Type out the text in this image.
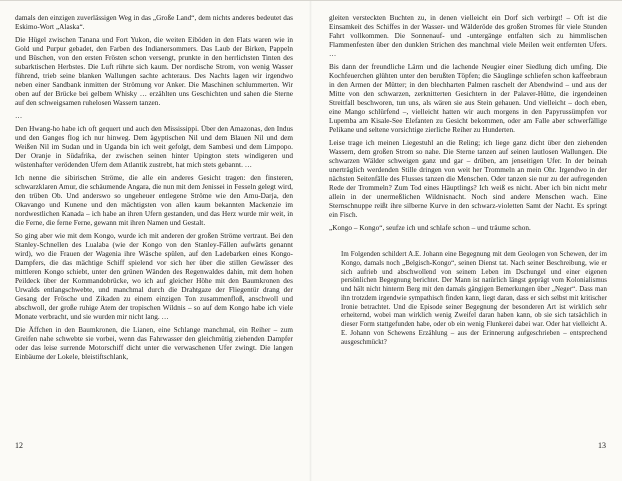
damals den einzigen zuverlässigen Weg in das „Große Land“, dem nichts anderes bedeutet das Eskimo-Wort „Alaska“.

Die Hügel zwischen Tanana und Fort Yukon, die weiten Eiböden in den Flats waren wie in Gold und Purpur gebadet, den Farben des Indianersommers. Das Laub der Birken, Pappeln und Büschen, von den ersten Frösten schon versengt, prunkte in den herrlichsten Tinten des subarktischen Herbstes. Die Luft rührte sich kaum. Der nordische Strom, von wenig Wasser führend, trieb seine blanken Wallungen sachte achteraus. Des Nachts lagen wir irgendwo neben einer Sandbank inmitten der Strömung vor Anker. Die Maschinen schlummerten. Wir oben auf der Brücke bei gelbem Whisky … erzählten uns Geschichten und sahen die Sterne auf den schweigsamen ruhelosen Wassern tanzen.

…

Den Hwang-ho habe ich oft gequert und auch den Mississippi. Über den Amazonas, den Indus und den Ganges flog ich nur hinweg. Dem ägyptischen Nil und dem Blauen Nil und dem Weißen Nil im Sudan und in Uganda bin ich weit gefolgt, dem Sambesi und dem Limpopo. Der Oranje in Südafrika, der zwischen seinen hinter Upington stets windigeren und wüstenhafter verödenden Ufern dem Atlantik zustrebt, hat mich stets gebannt. …

Ich nenne die sibirischen Ströme, die alle ein anderes Gesicht tragen: den finsteren, schwarzklaren Amur, die schäumende Angara, die nun mit dem Jenissei in Fesseln gelegt wird, den trüben Ob. Und anderswo so ungeheuer entlegene Ströme wie den Amu-Darja, den Okavango und Kunene und den mächtigsten von allen kaum bekannten Mackenzie im nordwestlichen Kanada – ich habe an ihren Ufern gestanden, und das Herz wurde mir weit, in die Ferne, die ferne Ferne, gewann mit ihren Namen und Gestalt.

So ging aber wie mit dem Kongo, wurde ich mit anderen der großen Ströme vertraut. Bei den Stanley-Schnellen des Lualaba (wie der Kongo von den Stanley-Fällen aufwärts genannt wird), wo die Frauen der Wagenia ihre Wäsche spülen, auf den Ladebarken eines Kongo-Dampfers, die das mächtige Schiff spielend vor sich her über die stillen Gewässer des mittleren Kongo schiebt, unter den grünen Wänden des Regenwaldes dahin, mit dem hohen Peildeck über der Kommandobrücke, wo ich auf gleicher Höhe mit den Baumkronen des Urwalds entlangschwebte, und manchmal durch die Drahtgaze der Fliegentür drang der Gesang der Frösche und Zikaden zu einem einzigen Ton zusammenfloß, anschwoll und abschwoll, der große ruhige Atem der tropischen Wildnis – so auf dem Kongo habe ich viele Monate verbracht, und sie wurden mir nicht lang. …

Die Äffchen in den Baumkronen, die Lianen, eine Schlange manchmal, ein Reiher – zum Greifen nahe schwebte sie vorbei, wenn das Fahrwasser den gleichmütig ziehenden Dampfer oder das leise surrende Motorschiff dicht unter die verwaschenen Ufer zwingt. Die langen Einbäume der Lokele, bleistiftschlank,

12

gleiten versteckten Buchten zu, in denen vielleicht ein Dorf sich verbirgt! – Oft ist die Einsamkeit des Schiffes in der Wasser- und Wälderöde des großen Stromes für viele Stunden Fahrt vollkommen. Die Sonnenauf- und -untergänge entfalten sich zu himmlischen Flammenfesten über den dunklen Strichen des manchmal viele Meilen weit entfernten Ufers. …

Bis dann der freundliche Lärm und die lachende Neugier einer Siedlung dich umfing. Die Kochfeuerchen glühten unter den berußten Töpfen; die Säuglinge schliefen schon kaffeebraun in den Armen der Mütter; in den blechharten Palmen raschelt der Abendwind – und aus der Mitte von den schwarzen, zerknitterten Gesichtern in der Palaver-Hütte, die irgendeinen Streitfall beschworen, tun uns, als wären sie aus Stein gehauen. Und vielleicht – doch eben, eine Mango schlürfend –, vielleicht hatten wir auch morgens in den Papyrussümpfen vor Lupemba am Kisale-See Elefanten zu Gesicht bekommen, oder am Falle aber schwerfällige Pelikane und seltene vorsichtige zierliche Reiher zu Hunderten.

Leise trage ich meinen Liegestuhl an die Reling; ich liege ganz dicht über den ziehenden Wassern, dem großen Strom so nahe. Die Sterne tanzen auf seinen lautlosen Wallungen. Die schwarzen Wälder schweigen ganz und gar – drüben, am jenseitigen Ufer. In der beinah unerträglich werdenden Stille dringen von weit her Trommeln an mein Ohr. Irgendwo in der nächsten Seitenfälle des Flusses tanzen die Menschen. Oder tanzen sie nur zu der aufregenden Rede der Trommeln? Zum Tod eines Häuptlings? Ich weiß es nicht. Aber ich bin nicht mehr allein in der unermeßlichen Wildnisnacht. Noch sind andere Menschen wach. Eine Sternschnuppe reißt ihre silberne Kurve in den schwarz-violetten Samt der Nacht. Es springt ein Fisch.

„Kongo – Kongo“, seufze ich und schlafe schon – und träume schon.

Im Folgenden schildert A.E. Johann eine Begegnung mit dem Geologen von Schewen, der im Kongo, damals noch „Belgisch-Kongo“, seinen Dienst tat. Nach seiner Beschreibung, wie er sich aufrieb und abschwollend von seinem Leben im Dschungel und einer eigenen persönlichen Begegnung berichtet. Der Mann ist natürlich längst geprägt vom Kolonialismus und hält nicht hinterm Berg mit den damals gängigen Bemerkungen über „Neger“. Dass man ihn trotzdem irgendwie sympathisch finden kann, liegt daran, dass er sich selbst mit kritischer Ironie betrachtet. Und die Episode seiner Begegnung der besonderen Art ist wirklich sehr erheiternd, wobei man wirklich wenig Zweifel daran haben kann, ob sie sich tatsächlich in dieser Form stattgefunden habe, oder ob ein wenig Flunkerei dabei war. Oder hat vielleicht A. E. Johann von Schewens Erzählung – aus der Erinnerung aufgeschrieben – entsprechend ausgeschmückt?

13
